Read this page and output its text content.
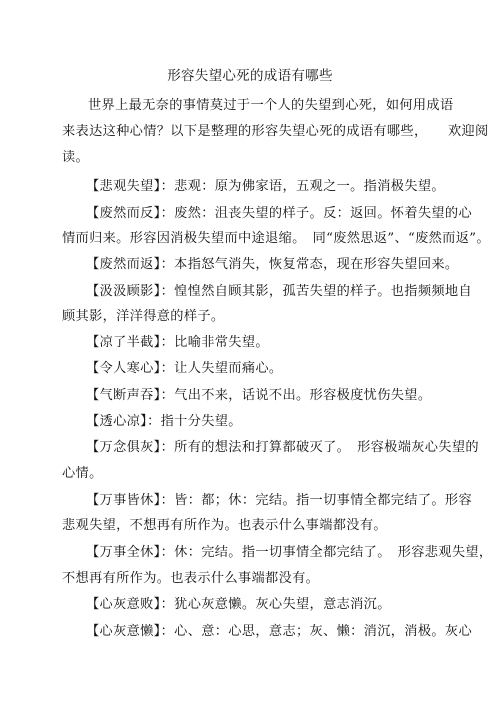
形容失望心死的成语有哪些
世界上最无奈的事情莫过于一个人的失望到心死，如何用成语
来表达这种心情？以下是整理的形容失望心死的成语有哪些，　　欢迎阅
读。
【悲观失望】：悲观：原为佛家语，五观之一。指消极失望。
【废然而反】：废然：沮丧失望的样子。反：返回。怀着失望的心
情而归来。形容因消极失望而中途退缩。　同“废然思返”、“废然而返”。
【废然而返】：本指怒气消失，恢复常态，现在形容失望回来。
【汲汲顾影】：惶惶然自顾其影，孤苦失望的样子。也指频频地自
顾其影，洋洋得意的样子。
【凉了半截】：比喻非常失望。
【令人寒心】：让人失望而痛心。
【气断声吞】：气出不来，话说不出。形容极度忧伤失望。
【透心凉】：指十分失望。
【万念俱灰】：所有的想法和打算都破灭了。　形容极端灰心失望的
心情。
【万事皆休】：皆：都；休：完结。指一切事情全都完结了。形容
悲观失望，不想再有所作为。也表示什么事端都没有。
【万事全休】：休：完结。指一切事情全都完结了。　形容悲观失望，
不想再有所作为。也表示什么事端都没有。
【心灰意败】：犹心灰意懒。灰心失望，意志消沉。
【心灰意懒】：心、意：心思，意志；灰、懒：消沉，消极。灰心
